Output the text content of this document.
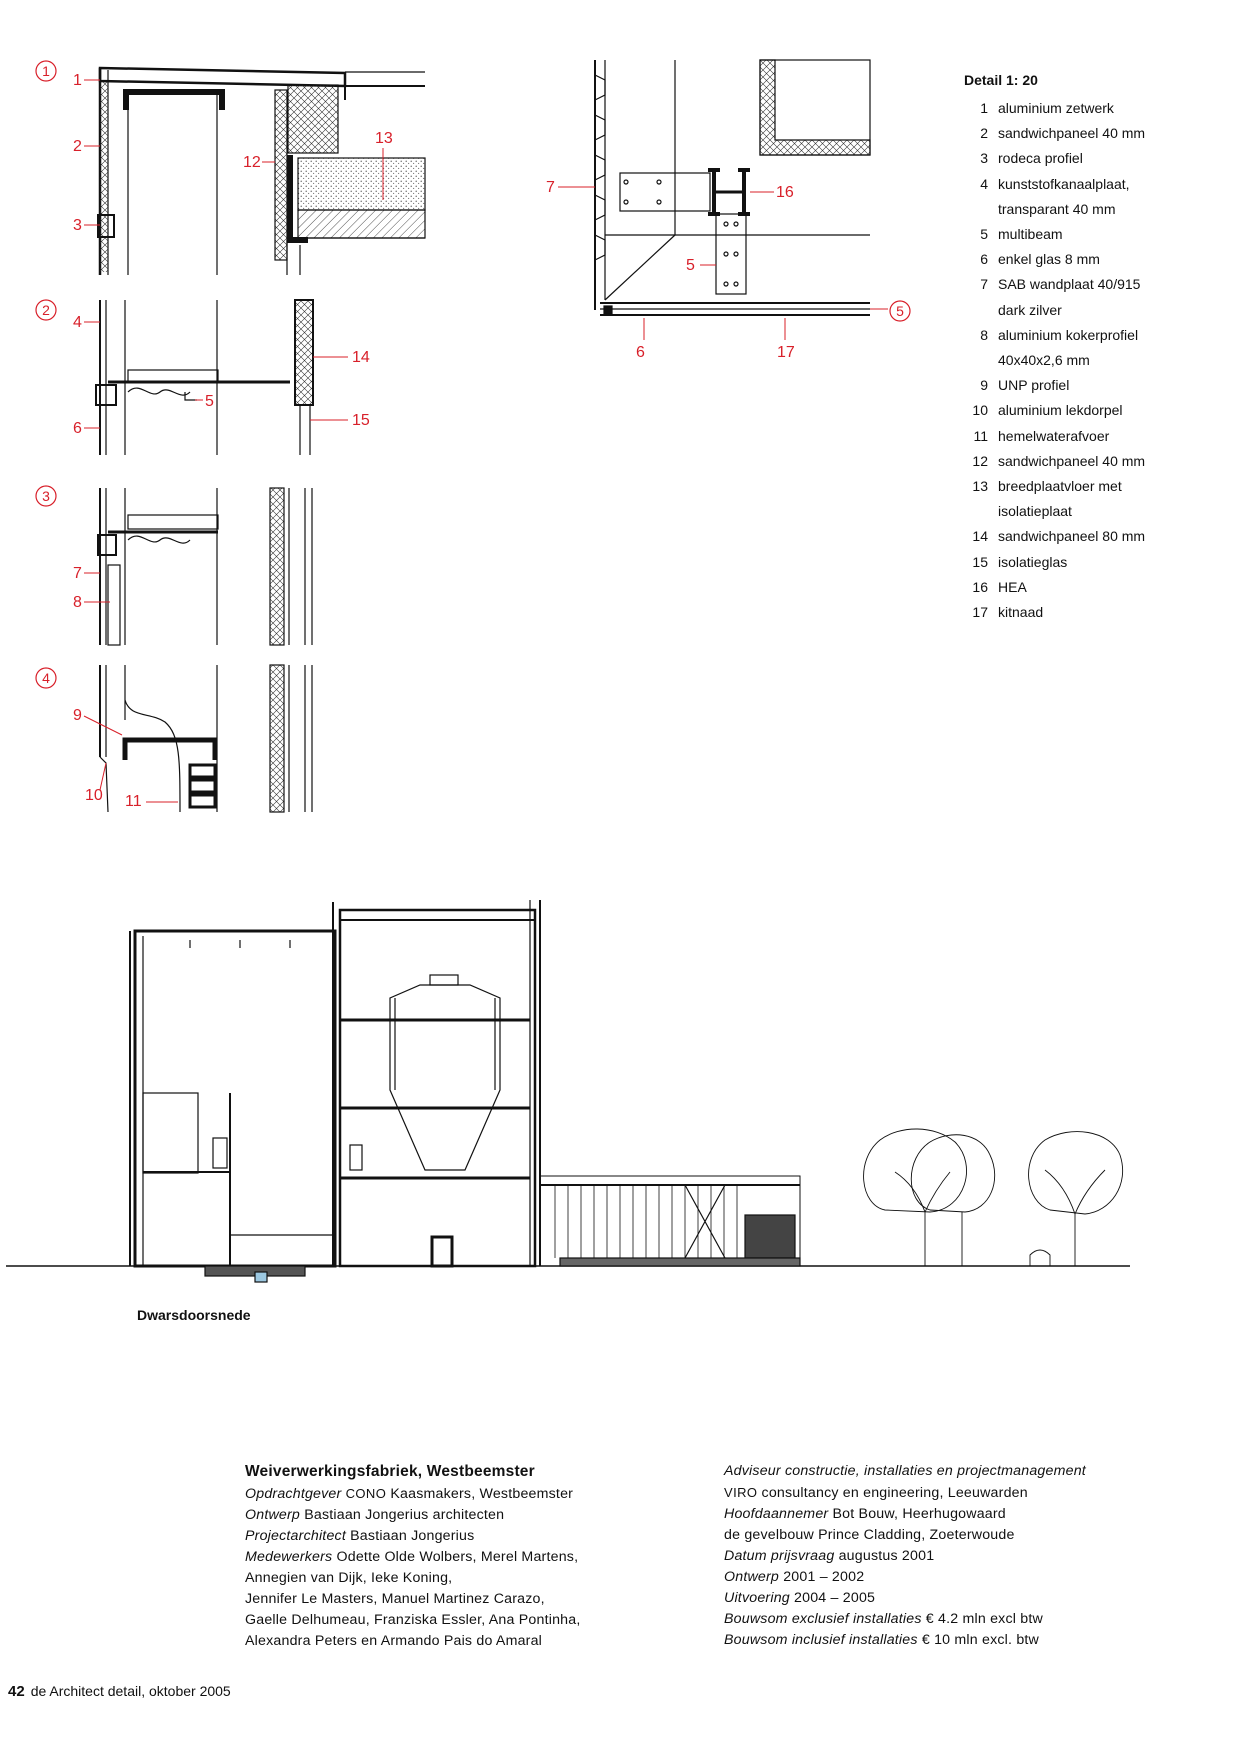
1
1
2
3
12
13
2
4
5
6
14
15
3
7
8
4
9
10 11
5
7	16
5
6	17
Detail 1: 20
1 aluminium zetwerk
2 sandwichpaneel 40 mm
3 rodeca profiel
4 kunststofkanaalplaat,
transparant 40 mm
5 multibeam
6 enkel glas 8 mm
7 SAB wandplaat 40/915
dark zilver
8 aluminium kokerprofiel
40x40x2,6 mm
9 UNP profiel
10 aluminium lekdorpel
11 hemelwaterafvoer
12 sandwichpaneel 40 mm
13 breedplaatvloer met
isolatieplaat
14 sandwichpaneel 80 mm
15 isolatieglas
16 HEA
17 kitnaad
Dwarsdoorsnede
Weiverwerkingsfabriek, Westbeemster
Opdrachtgever CONO Kaasmakers, Westbeemster
Ontwerp Bastiaan Jongerius architecten
Projectarchitect Bastiaan Jongerius
Medewerkers Odette Olde Wolbers, Merel Martens,
Annegien van Dijk, Ieke Koning,
Jennifer Le Masters, Manuel Martinez Carazo,
Gaelle Delhumeau, Franziska Essler, Ana Pontinha,
Alexandra Peters en Armando Pais do Amaral
Adviseur constructie, installaties en projectmanagement
VIRO consultancy en engineering, Leeuwarden
Hoofdaannemer Bot Bouw, Heerhugowaard
de gevelbouw Prince Cladding, Zoeterwoude
Datum prijsvraag augustus 2001
Ontwerp 2001 – 2002
Uitvoering 2004 – 2005
Bouwsom exclusief installaties € 4.2 mln excl btw
Bouwsom inclusief installaties € 10 mln excl. btw
42 de Architect detail, oktober 2005
